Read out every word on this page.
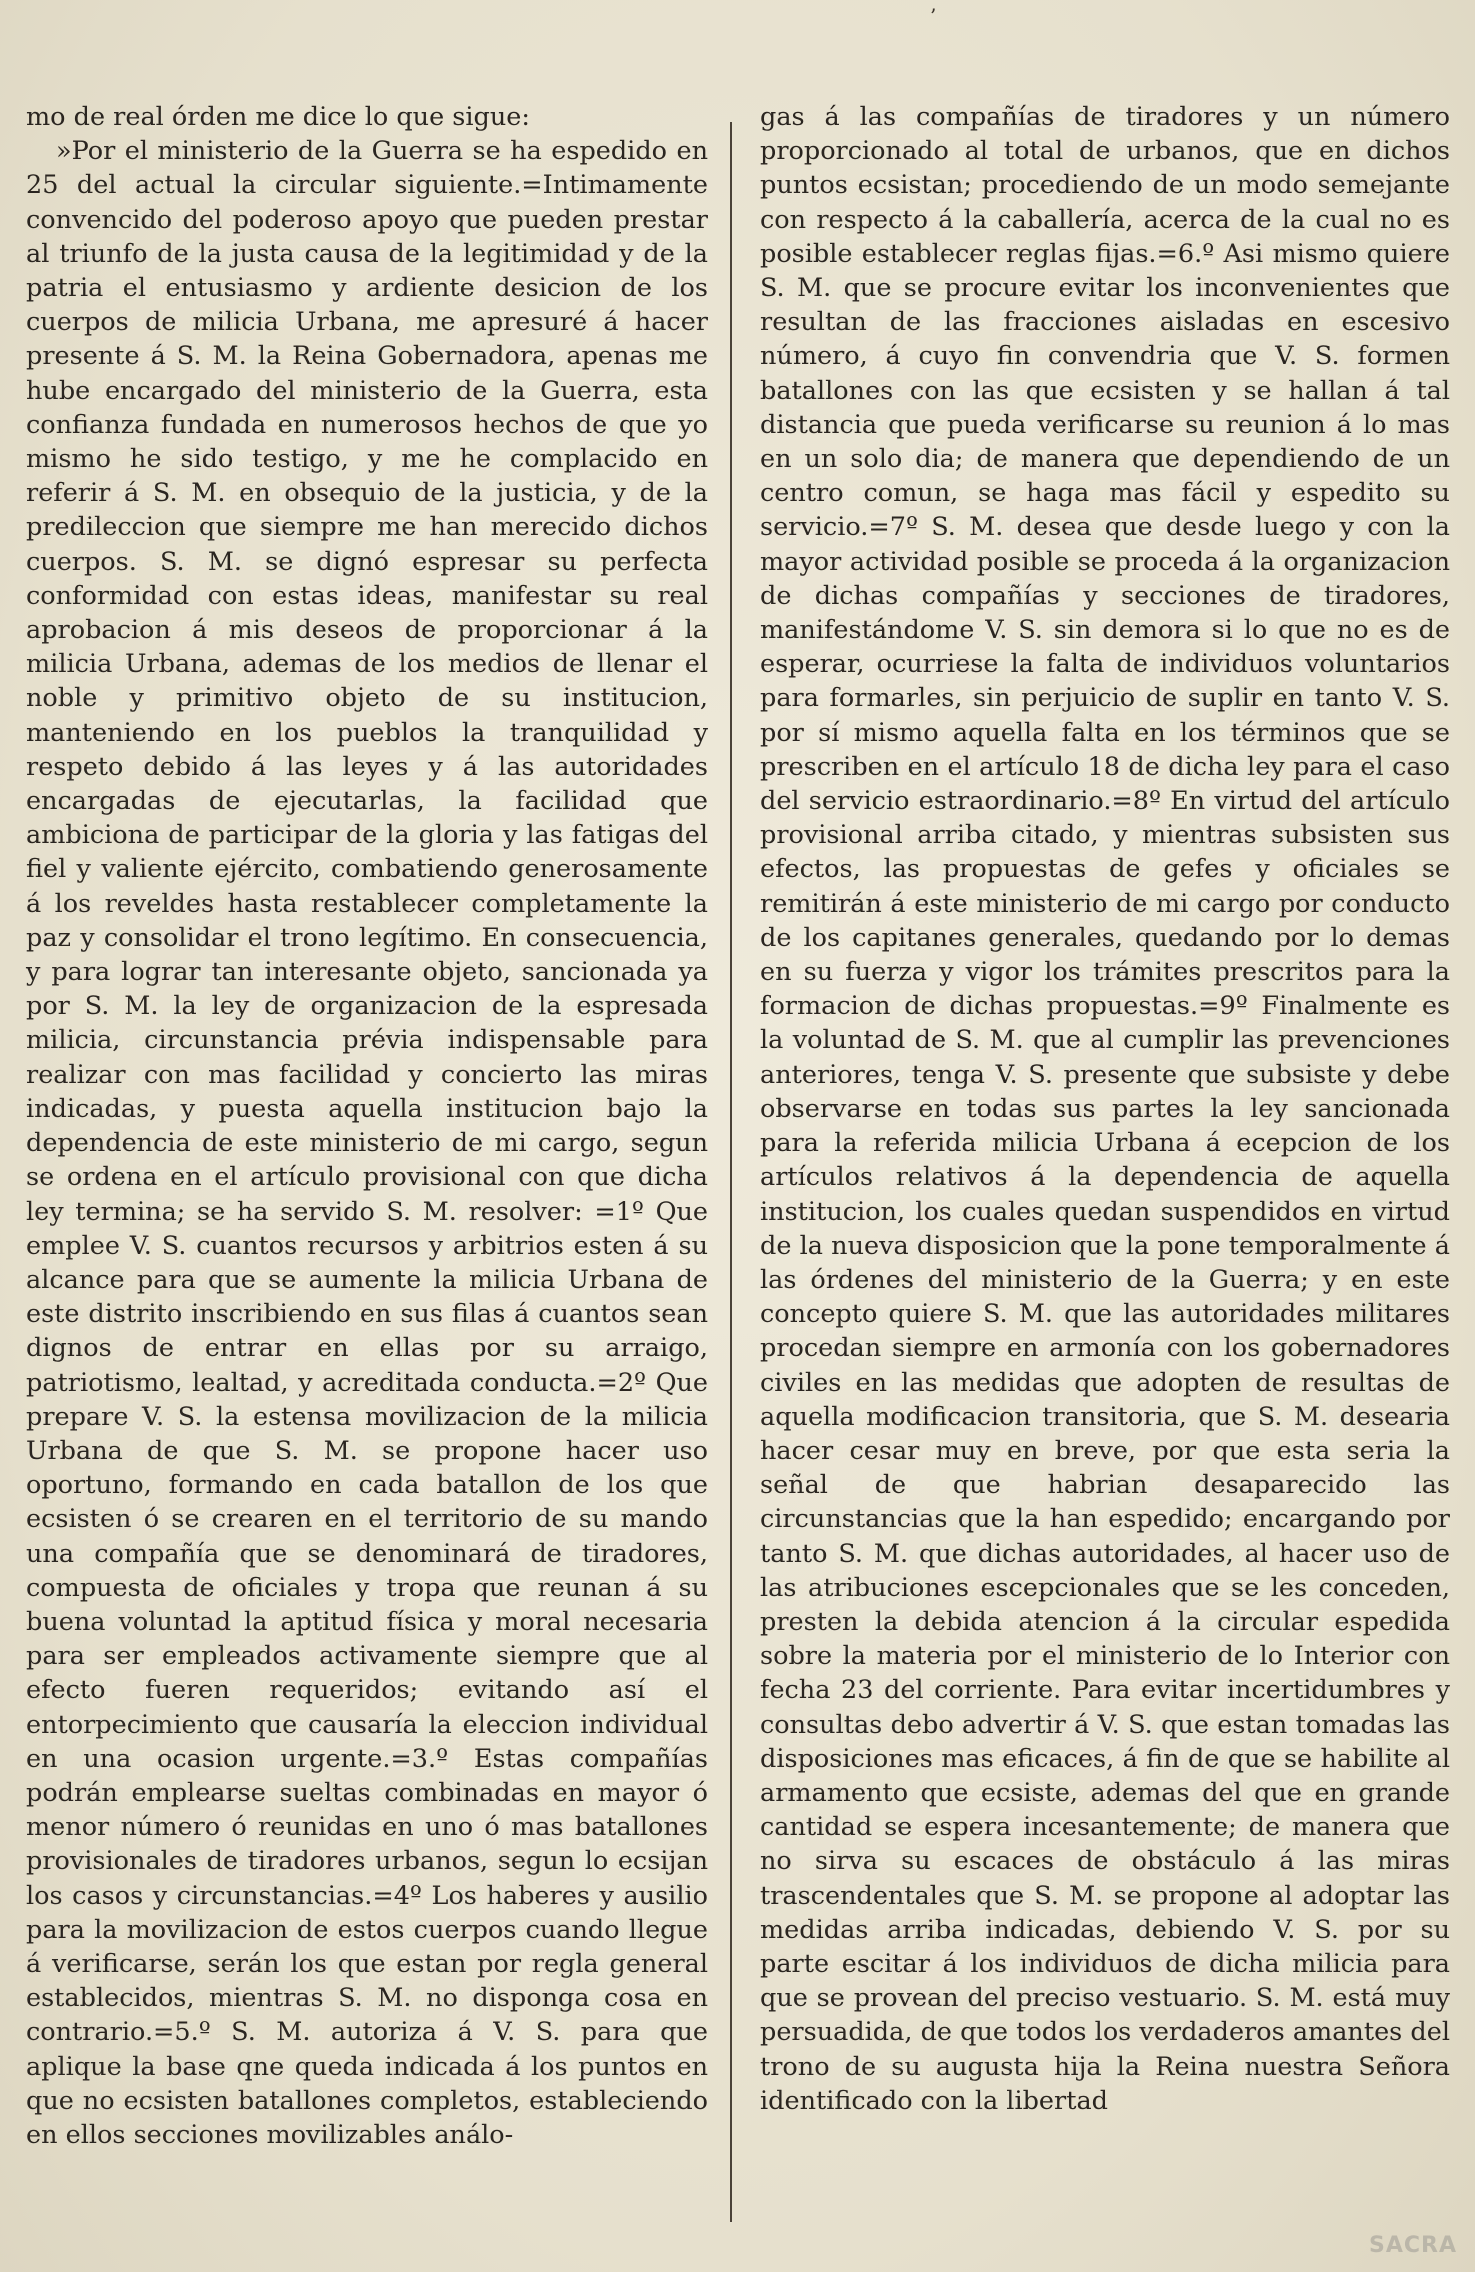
’

mo de real órden me dice lo que sigue:

»Por el ministerio de la Guerra se ha espedido en 25 del actual la circular siguiente.=Intimamente convencido del poderoso apoyo que pueden prestar al triunfo de la justa causa de la legitimidad y de la patria el entusiasmo y ardiente desicion de los cuerpos de milicia Urbana, me apresuré á hacer presente á S. M. la Reina Gobernadora, apenas me hube encargado del ministerio de la Guerra, esta confianza fundada en numerosos hechos de que yo mismo he sido testigo, y me he complacido en referir á S. M. en obsequio de la justicia, y de la predileccion que siempre me han merecido dichos cuerpos. S. M. se dignó espresar su perfecta conformidad con estas ideas, manifestar su real aprobacion á mis deseos de proporcionar á la milicia Urbana, ademas de los medios de llenar el noble y primitivo objeto de su institucion, manteniendo en los pueblos la tranquilidad y respeto debido á las leyes y á las autoridades encargadas de ejecutarlas, la facilidad que ambiciona de participar de la gloria y las fatigas del fiel y valiente ejército, combatiendo generosamente á los reveldes hasta restablecer completamente la paz y consolidar el trono legítimo. En consecuencia, y para lograr tan interesante objeto, sancionada ya por S. M. la ley de organizacion de la espresada milicia, circunstancia prévia indispensable para realizar con mas facilidad y concierto las miras indicadas, y puesta aquella institucion bajo la dependencia de este ministerio de mi cargo, segun se ordena en el artículo provisional con que dicha ley termina; se ha servido S. M. resolver: =1º Que emplee V. S. cuantos recursos y arbitrios esten á su alcance para que se aumente la milicia Urbana de este distrito inscribiendo en sus filas á cuantos sean dignos de entrar en ellas por su arraigo, patriotismo, lealtad, y acreditada conducta.=2º Que prepare V. S. la estensa movilizacion de la milicia Urbana de que S. M. se propone hacer uso oportuno, formando en cada batallon de los que ecsisten ó se crearen en el territorio de su mando una compañía que se denominará de tiradores, compuesta de oficiales y tropa que reunan á su buena voluntad la aptitud física y moral necesaria para ser empleados activamente siempre que al efecto fueren requeridos; evitando así el entorpecimiento que causaría la eleccion individual en una ocasion urgente.=3.º Estas compañías podrán emplearse sueltas combinadas en mayor ó menor número ó reunidas en uno ó mas batallones provisionales de tiradores urbanos, segun lo ecsijan los casos y circunstancias.=4º Los haberes y ausilio para la movilizacion de estos cuerpos cuando llegue á verificarse, serán los que estan por regla general establecidos, mientras S. M. no disponga cosa en contrario.=5.º S. M. autoriza á V. S. para que aplique la base qne queda indicada á los puntos en que no ecsisten batallones completos, estableciendo en ellos secciones movilizables análo-

gas á las compañías de tiradores y un número proporcionado al total de urbanos, que en dichos puntos ecsistan; procediendo de un modo semejante con respecto á la caballería, acerca de la cual no es posible establecer reglas fijas.=6.º Asi mismo quiere S. M. que se procure evitar los inconvenientes que resultan de las fracciones aisladas en escesivo número, á cuyo fin convendria que V. S. formen batallones con las que ecsisten y se hallan á tal distancia que pueda verificarse su reunion á lo mas en un solo dia; de manera que dependiendo de un centro comun, se haga mas fácil y espedito su servicio.=7º S. M. desea que desde luego y con la mayor actividad posible se proceda á la organizacion de dichas compañías y secciones de tiradores, manifestándome V. S. sin demora si lo que no es de esperar, ocurriese la falta de individuos voluntarios para formarles, sin perjuicio de suplir en tanto V. S. por sí mismo aquella falta en los términos que se prescriben en el artículo 18 de dicha ley para el caso del servicio estraordinario.=8º En virtud del artículo provisional arriba citado, y mientras subsisten sus efectos, las propuestas de gefes y oficiales se remitirán á este ministerio de mi cargo por conducto de los capitanes generales, quedando por lo demas en su fuerza y vigor los trámites prescritos para la formacion de dichas propuestas.=9º Finalmente es la voluntad de S. M. que al cumplir las prevenciones anteriores, tenga V. S. presente que subsiste y debe observarse en todas sus partes la ley sancionada para la referida milicia Urbana á ecepcion de los artículos relativos á la dependencia de aquella institucion, los cuales quedan suspendidos en virtud de la nueva disposicion que la pone temporalmente á las órdenes del ministerio de la Guerra; y en este concepto quiere S. M. que las autoridades militares procedan siempre en armonía con los gobernadores civiles en las medidas que adopten de resultas de aquella modificacion transitoria, que S. M. desearia hacer cesar muy en breve, por que esta seria la señal de que habrian desaparecido las circunstancias que la han espedido; encargando por tanto S. M. que dichas autoridades, al hacer uso de las atribuciones escepcionales que se les conceden, presten la debida atencion á la circular espedida sobre la materia por el ministerio de lo Interior con fecha 23 del corriente. Para evitar incertidumbres y consultas debo advertir á V. S. que estan tomadas las disposiciones mas eficaces, á fin de que se habilite al armamento que ecsiste, ademas del que en grande cantidad se espera incesantemente; de manera que no sirva su escaces de obstáculo á las miras trascendentales que S. M. se propone al adoptar las medidas arriba indicadas, debiendo V. S. por su parte escitar á los individuos de dicha milicia para que se provean del preciso vestuario. S. M. está muy persuadida, de que todos los verdaderos amantes del trono de su augusta hija la Reina nuestra Señora identificado con la libertad

SACRA
